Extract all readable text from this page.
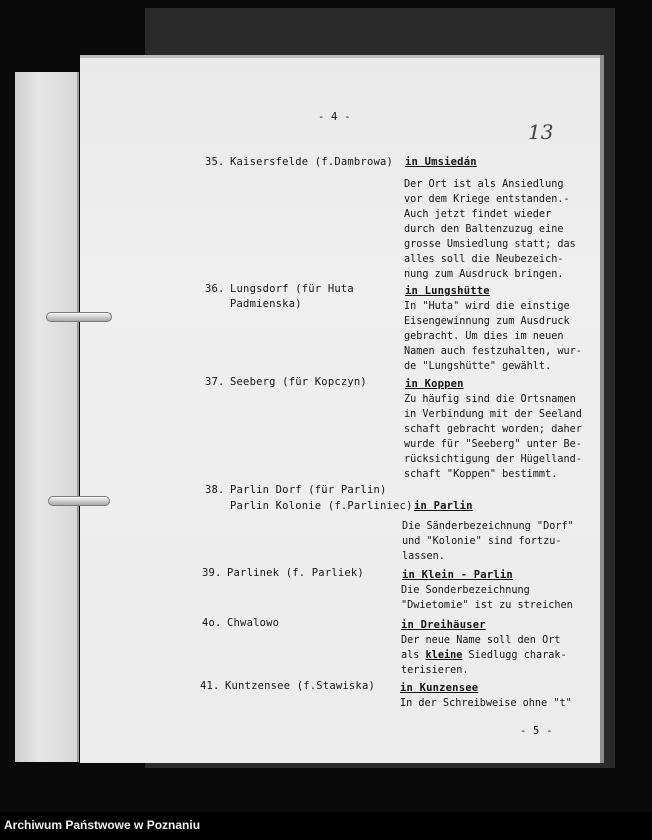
- 4 -
13
35. Kaisersfelde (f.Dambrowa) in Umsiedán
Der Ort ist als Ansiedlung
vor dem Kriege entstanden.-
Auch jetzt findet wieder
durch den Baltenzuzug eine
grosse Umsiedlung statt; das
alles soll die Neubezeich-
nung zum Ausdruck bringen.
36. Lungsdorf (für Huta
Padmienska)
in Lungshütte
In "Huta" wird die einstige
Eisengewinnung zum Ausdruck
gebracht. Um dies im neuen
Namen auch festzuhalten, wur-
de "Lungshütte" gewählt.
37. Seeberg (für Kopczyn)	in Koppen
Zu häufig sind die Ortsnamen
in Verbindung mit der Seeland
schaft gebracht worden; daher
wurde für "Seeberg" unter Be-
rücksichtigung der Hügelland-
schaft "Koppen" bestimmt.
38. Parlin Dorf (für Parlin)
Parlin Kolonie (f.Parliniec) in Parlin
Die Sänderbezeichnung "Dorf"
und "Kolonie" sind fortzu-
lassen.
39. Parlinek (f. Parliek)	in Klein - Parlin
Die Sonderbezeichnung
"Dwietomie" ist zu streichen
4o. Chwalowo	in Dreihäuser
Der neue Name soll den Ort
als kleine Siedlugg charak-
terisieren.
41. Kuntzensee (f.Stawiska) in Kunzensee
In der Schreibweise ohne "t"
- 5 -
Archiwum Państwowe w Poznaniu
